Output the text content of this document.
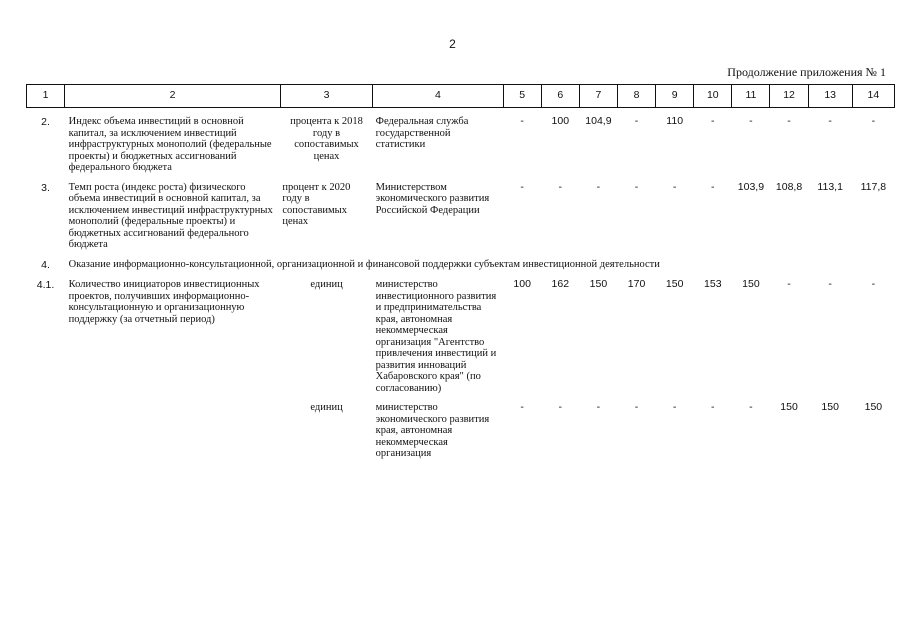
2
Продолжение приложения № 1
1	2	3	4	5	6	7	8	9	10	11	12	13	14

2.	Индекс объема инвестиций в основной капитал, за исключением инвестиций инфраструктурных монополий (федеральные проекты) и бюджетных ассигнований федерального бюджета	процента к 2018 году в сопоставимых ценах	Федеральная служба государственной статистики	-	100	104,9	-	110	-	-	-	-	-

3.	Темп роста (индекс роста) физического объема инвестиций в основной капитал, за исключением инвестиций инфраструктурных монополий (федеральные проекты) и бюджетных ассигнований федерального бюджета	процент к 2020 году в сопоставимых ценах	Министерством экономического развития Российской Федерации	-	-	-	-	-	-	103,9	108,8	113,1	117,8

4.	Оказание информационно-консультационной, организационной и финансовой поддержки субъектам инвестиционной деятельности												

4.1.	Количество инициаторов инвестиционных проектов, получивших информационно-консультационную и организационную поддержку (за отчетный период)	единиц	министерство инвестиционного развития и предпринимательства края, автономная некоммерческая организация "Агентство привлечения инвестиций и развития инноваций Хабаровского края" (по согласованию)	100	162	150	170	150	153	150	-	-	-

		единиц	министерство экономического развития края, автономная некоммерческая организация	-	-	-	-	-	-	-	150	150	150
